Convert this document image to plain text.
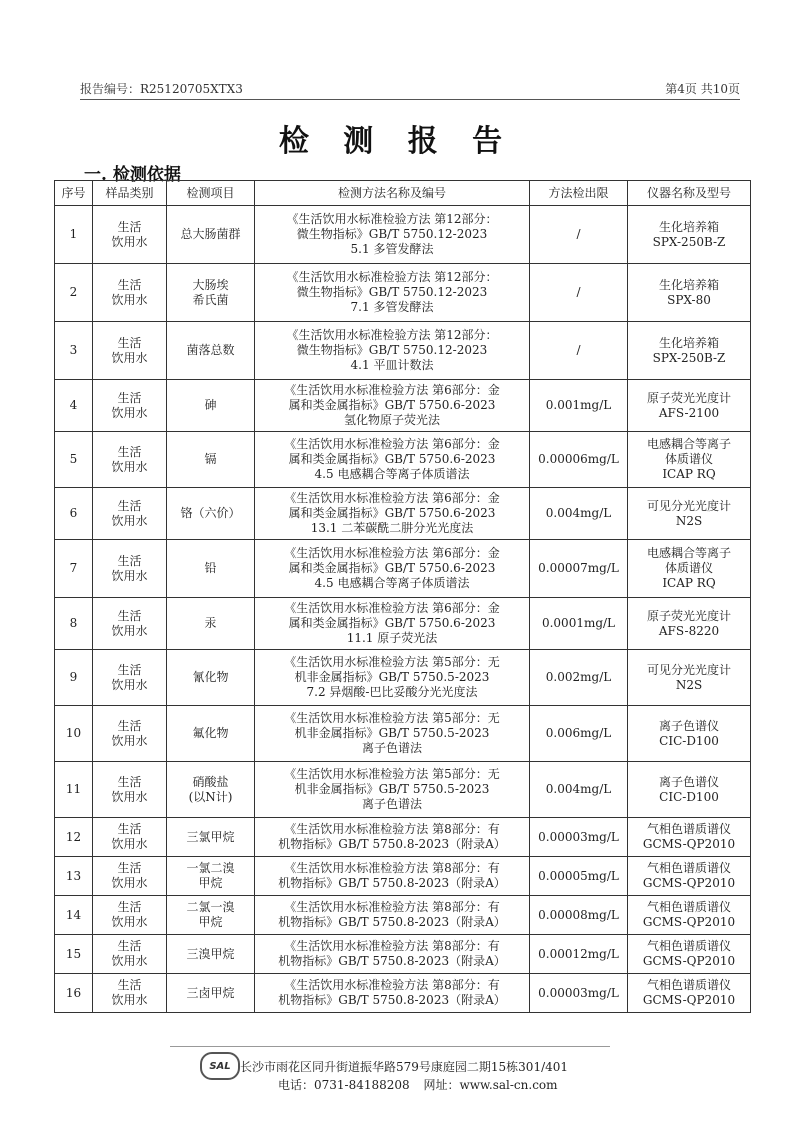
报告编号：R25120705XTX3	第4页 共10页
检 测 报 告
一. 检测依据
序号	样品类别	检测项目	检测方法名称及编号	方法检出限	仪器名称及型号
1	生活
饮用水	总大肠菌群	《生活饮用水标准检验方法 第12部分：
微生物指标》GB/T 5750.12-2023
5.1 多管发酵法	/	生化培养箱
SPX-250B-Z
2	生活
饮用水	大肠埃
希氏菌	《生活饮用水标准检验方法 第12部分：
微生物指标》GB/T 5750.12-2023
7.1 多管发酵法	/	生化培养箱
SPX-80
3	生活
饮用水	菌落总数	《生活饮用水标准检验方法 第12部分：
微生物指标》GB/T 5750.12-2023
4.1 平皿计数法	/	生化培养箱
SPX-250B-Z
4	生活
饮用水	砷	《生活饮用水标准检验方法 第6部分：金
属和类金属指标》GB/T 5750.6-2023
氢化物原子荧光法	0.001mg/L	原子荧光光度计
AFS-2100
5	生活
饮用水	镉	《生活饮用水标准检验方法 第6部分：金
属和类金属指标》GB/T 5750.6-2023
4.5 电感耦合等离子体质谱法	0.00006mg/L	电感耦合等离子
体质谱仪
ICAP RQ
6	生活
饮用水	铬（六价）	《生活饮用水标准检验方法 第6部分：金
属和类金属指标》GB/T 5750.6-2023
13.1 二苯碳酰二肼分光光度法	0.004mg/L	可见分光光度计
N2S
7	生活
饮用水	铅	《生活饮用水标准检验方法 第6部分：金
属和类金属指标》GB/T 5750.6-2023
4.5 电感耦合等离子体质谱法	0.00007mg/L	电感耦合等离子
体质谱仪
ICAP RQ
8	生活
饮用水	汞	《生活饮用水标准检验方法 第6部分：金
属和类金属指标》GB/T 5750.6-2023
11.1 原子荧光法	0.0001mg/L	原子荧光光度计
AFS-8220
9	生活
饮用水	氰化物	《生活饮用水标准检验方法 第5部分：无
机非金属指标》GB/T 5750.5-2023
7.2 异烟酸-巴比妥酸分光光度法	0.002mg/L	可见分光光度计
N2S
10	生活
饮用水	氟化物	《生活饮用水标准检验方法 第5部分：无
机非金属指标》GB/T 5750.5-2023
离子色谱法	0.006mg/L	离子色谱仪
CIC-D100
11	生活
饮用水	硝酸盐
(以N计)	《生活饮用水标准检验方法 第5部分：无
机非金属指标》GB/T 5750.5-2023
离子色谱法	0.004mg/L	离子色谱仪
CIC-D100
12	生活
饮用水	三氯甲烷	《生活饮用水标准检验方法 第8部分：有
机物指标》GB/T 5750.8-2023（附录A）	0.00003mg/L	气相色谱质谱仪
GCMS-QP2010
13	生活
饮用水	一氯二溴
甲烷	《生活饮用水标准检验方法 第8部分：有
机物指标》GB/T 5750.8-2023（附录A）	0.00005mg/L	气相色谱质谱仪
GCMS-QP2010
14	生活
饮用水	二氯一溴
甲烷	《生活饮用水标准检验方法 第8部分：有
机物指标》GB/T 5750.8-2023（附录A）	0.00008mg/L	气相色谱质谱仪
GCMS-QP2010
15	生活
饮用水	三溴甲烷	《生活饮用水标准检验方法 第8部分：有
机物指标》GB/T 5750.8-2023（附录A）	0.00012mg/L	气相色谱质谱仪
GCMS-QP2010
16	生活
饮用水	三卤甲烷	《生活饮用水标准检验方法 第8部分：有
机物指标》GB/T 5750.8-2023（附录A）	0.00003mg/L	气相色谱质谱仪
GCMS-QP2010
SAL 长沙市雨花区同升街道振华路579号康庭园二期15栋301/401
电话：0731-84188208 网址：www.sal-cn.com
